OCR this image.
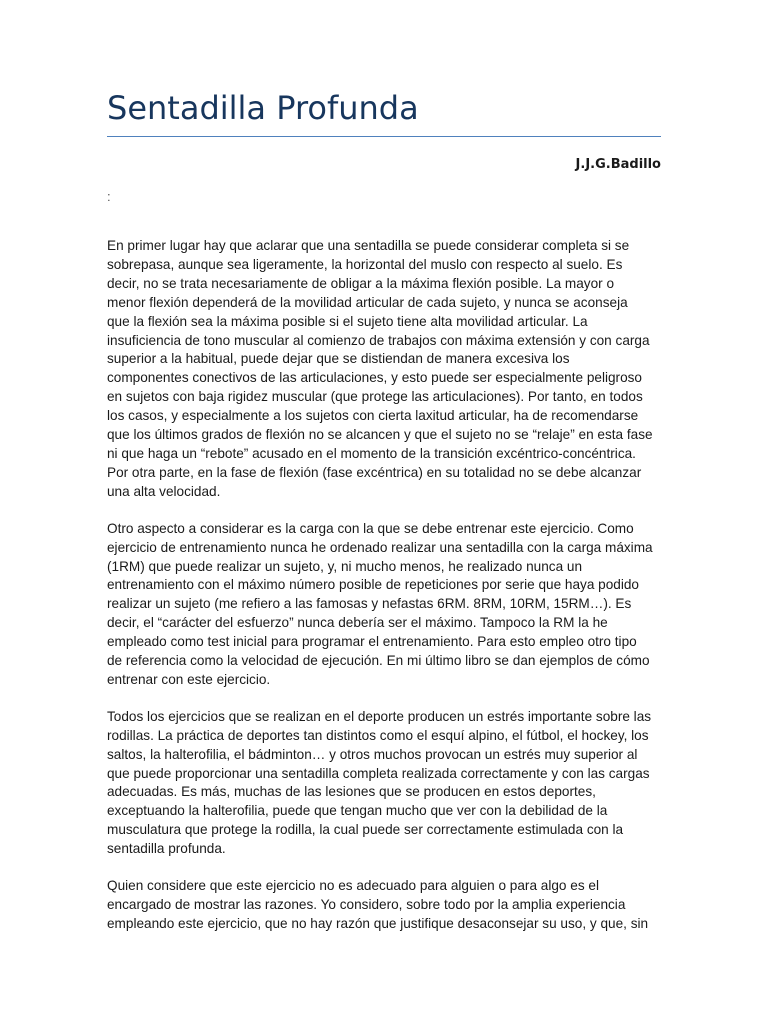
Sentadilla Profunda
J.J.G.Badillo
:

En primer lugar hay que aclarar que una sentadilla se puede considerar completa si se
sobrepasa, aunque sea ligeramente, la horizontal del muslo con respecto al suelo. Es
decir, no se trata necesariamente de obligar a la máxima flexión posible. La mayor o
menor flexión dependerá de la movilidad articular de cada sujeto, y nunca se aconseja
que la flexión sea la máxima posible si el sujeto tiene alta movilidad articular. La
insuficiencia de tono muscular al comienzo de trabajos con máxima extensión y con carga
superior a la habitual, puede dejar que se distiendan de manera excesiva los
componentes conectivos de las articulaciones, y esto puede ser especialmente peligroso
en sujetos con baja rigidez muscular (que protege las articulaciones). Por tanto, en todos
los casos, y especialmente a los sujetos con cierta laxitud articular, ha de recomendarse
que los últimos grados de flexión no se alcancen y que el sujeto no se “relaje” en esta fase
ni que haga un “rebote” acusado en el momento de la transición excéntrico-concéntrica.
Por otra parte, en la fase de flexión (fase excéntrica) en su totalidad no se debe alcanzar
una alta velocidad.

Otro aspecto a considerar es la carga con la que se debe entrenar este ejercicio. Como
ejercicio de entrenamiento nunca he ordenado realizar una sentadilla con la carga máxima
(1RM) que puede realizar un sujeto, y, ni mucho menos, he realizado nunca un
entrenamiento con el máximo número posible de repeticiones por serie que haya podido
realizar un sujeto (me refiero a las famosas y nefastas 6RM. 8RM, 10RM, 15RM…). Es
decir, el “carácter del esfuerzo” nunca debería ser el máximo. Tampoco la RM la he
empleado como test inicial para programar el entrenamiento. Para esto empleo otro tipo
de referencia como la velocidad de ejecución. En mi último libro se dan ejemplos de cómo
entrenar con este ejercicio.

Todos los ejercicios que se realizan en el deporte producen un estrés importante sobre las
rodillas. La práctica de deportes tan distintos como el esquí alpino, el fútbol, el hockey, los
saltos, la halterofilia, el bádminton… y otros muchos provocan un estrés muy superior al
que puede proporcionar una sentadilla completa realizada correctamente y con las cargas
adecuadas. Es más, muchas de las lesiones que se producen en estos deportes,
exceptuando la halterofilia, puede que tengan mucho que ver con la debilidad de la
musculatura que protege la rodilla, la cual puede ser correctamente estimulada con la
sentadilla profunda.

Quien considere que este ejercicio no es adecuado para alguien o para algo es el
encargado de mostrar las razones. Yo considero, sobre todo por la amplia experiencia
empleando este ejercicio, que no hay razón que justifique desaconsejar su uso, y que, sin
